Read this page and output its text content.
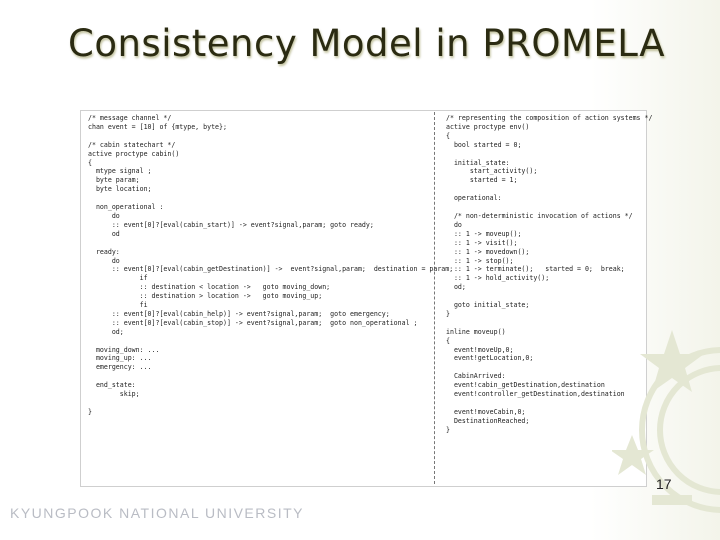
Consistency Model in PROMELA
/* message channel */
chan event = [10] of {mtype, byte};

/* cabin statechart */
active proctype cabin()
{
mtype signal ;
byte param;
byte location;

non_operational :
do
:: event[0]?[eval(cabin_start)] -> event?signal,param; goto ready;
od

ready:
do
:: event[0]?[eval(cabin_getDestination)] ->  event?signal,param;  destination = param;
if
:: destination < location ->   goto moving_down;
:: destination > location ->   goto moving_up;
fi
:: event[0]?[eval(cabin_help)] -> event?signal,param;  goto emergency;
:: event[0]?[eval(cabin_stop)] -> event?signal,param;  goto non_operational ;
od;

moving_down: ...
moving_up: ...
emergency: ...

end_state:
skip;

}
/* representing the composition of action systems */
active proctype env()
{
bool started = 0;

initial_state:
start_activity();
started = 1;

operational:

/* non-deterministic invocation of actions */
do
:: 1 -> moveup();
:: 1 -> visit();
:: 1 -> movedown();
:: 1 -> stop();
:: 1 -> terminate();   started = 0;  break;
:: 1 -> hold_activity();
od;

goto initial_state;
}

inline moveup()
{
event!moveUp,0;
event!getLocation,0;

CabinArrived:
event!cabin_getDestination,destination
event!controller_getDestination,destination

event!moveCabin,0;
DestinationReached;
}
17
KYUNGPOOK NATIONAL UNIVERSITY
